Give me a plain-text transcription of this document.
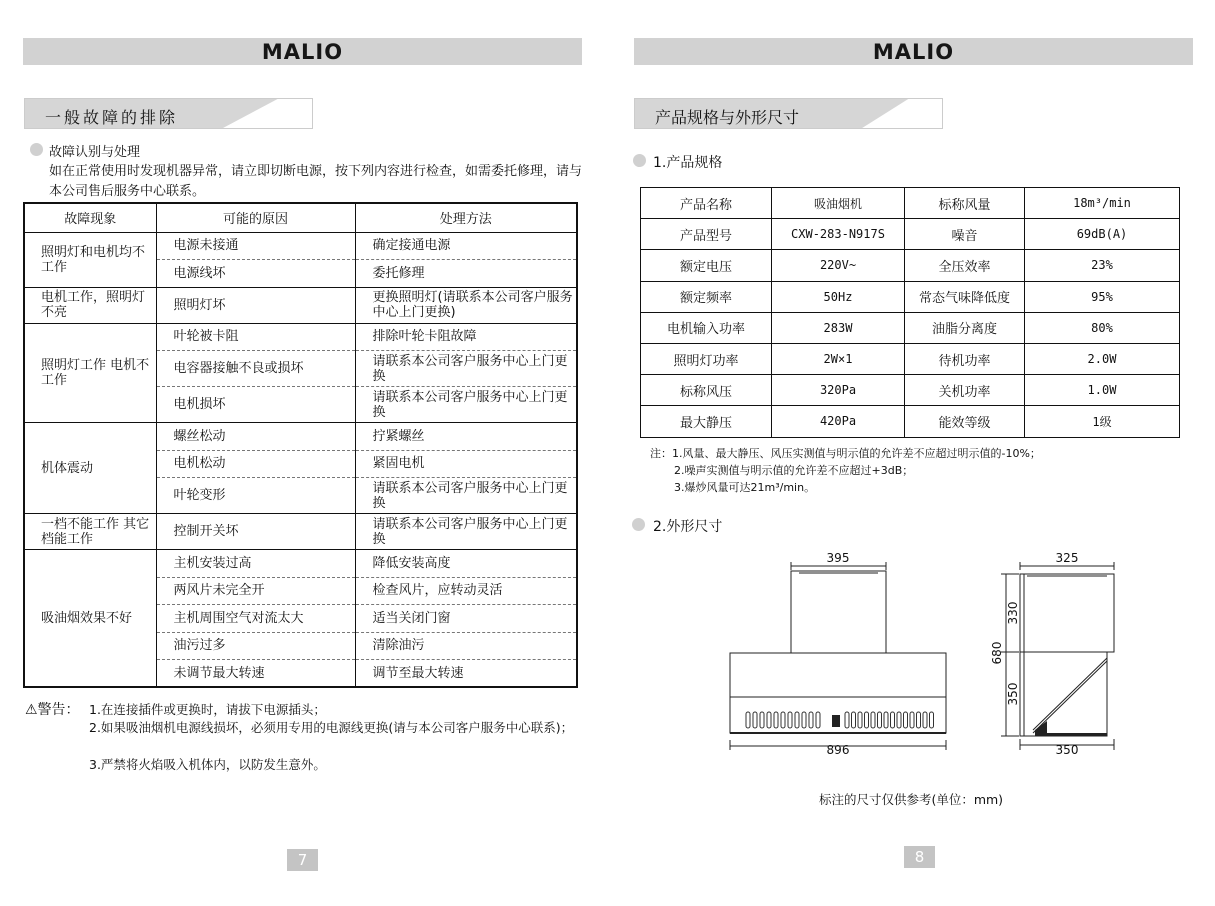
MALIO
一般故障的排除
故障认别与处理
如在正常使用时发现机器异常，请立即切断电源，按下列内容进行检查，如需委托修理，请与本公司售后服务中心联系。
故障现象	可能的原因	处理方法
照明灯和电机均不工作	电源未接通	确定接通电源
	电源线坏	委托修理
电机工作，照明灯不亮	照明灯坏	更换照明灯(请联系本公司客户服务中心上门更换)
照明灯工作 电机不工作	叶轮被卡阻	排除叶轮卡阻故障
	电容器接触不良或损坏	请联系本公司客户服务中心上门更换
	电机损坏	请联系本公司客户服务中心上门更换
机体震动	螺丝松动	拧紧螺丝
	电机松动	紧固电机
	叶轮变形	请联系本公司客户服务中心上门更换
一档不能工作 其它档能工作	控制开关坏	请联系本公司客户服务中心上门更换
吸油烟效果不好	主机安装过高	降低安装高度
	两风片未完全开	检查风片，应转动灵活
	主机周围空气对流太大	适当关闭门窗
	油污过多	清除油污
	未调节最大转速	调节至最大转速
⚠警告： 1.在连接插件或更换时，请拔下电源插头；
2.如果吸油烟机电源线损坏，必须用专用的电源线更换(请与本公司客户服务中心联系)；
3.严禁将火焰吸入机体内，以防发生意外。
7
MALIO
产品规格与外形尺寸
1.产品规格
产品名称	吸油烟机	标称风量	18m³/min
产品型号	CXW-283-N917S	噪音	69dB(A)
额定电压	220V~	全压效率	23%
额定频率	50Hz	常态气味降低度	95%
电机输入功率	283W	油脂分离度	80%
照明灯功率	2W×1	待机功率	2.0W
标称风压	320Pa	关机功率	1.0W
最大静压	420Pa	能效等级	1级
注：1.风量、最大静压、风压实测值与明示值的允许差不应超过明示值的-10%；
2.噪声实测值与明示值的允许差不应超过+3dB；
3.爆炒风量可达21m³/min。
2.外形尺寸
395
896
325
350
330
350
680
标注的尺寸仅供参考(单位：mm)
8
